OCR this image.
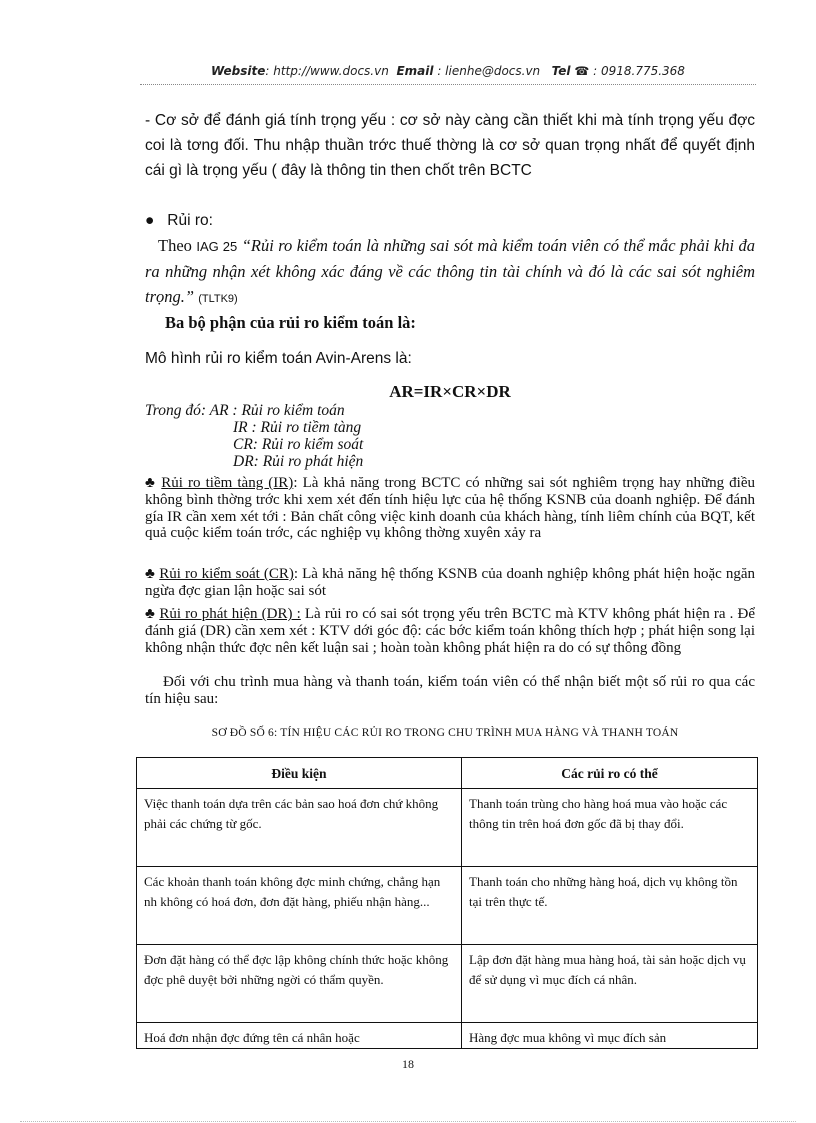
Website: http://www.docs.vn Email : lienhe@docs.vn Tel ☎ : 0918.775.368
- Cơ sở để đánh giá tính trọng yếu : cơ sở này càng cần thiết khi mà tính trọng yếu đợc coi là tơng đối. Thu nhập thuần trớc thuế thờng là cơ sở quan trọng nhất để quyết định cái gì là trọng yếu ( đây là thông tin then chốt trên BCTC
● Rủi ro:
Theo IAG 25 “Rủi ro kiểm toán là những sai sót mà kiểm toán viên có thể mắc phải khi đa ra những nhận xét không xác đáng về các thông tin tài chính và đó là các sai sót nghiêm trọng.” (TLTK9)
Ba bộ phận của rủi ro kiểm toán là:
Mô hình rủi ro kiểm toán Avin-Arens là:
AR=IR×CR×DR
Trong đó: AR : Rủi ro kiểm toán
IR : Rủi ro tiềm tàng
CR: Rủi ro kiểm soát
DR: Rủi ro phát hiện
♣ Rủi ro tiềm tàng (IR): Là khả năng trong BCTC có những sai sót nghiêm trọng hay những điều không bình thờng trớc khi xem xét đến tính hiệu lực của hệ thống KSNB của doanh nghiệp. Để đánh gía IR cần xem xét tới : Bản chất công việc kinh doanh của khách hàng, tính liêm chính của BQT, kết quả cuộc kiểm toán trớc, các nghiệp vụ không thờng xuyên xảy ra
♣ Rủi ro kiểm soát (CR): Là khả năng hệ thống KSNB của doanh nghiệp không phát hiện hoặc ngăn ngừa đợc gian lận hoặc sai sót
♣ Rủi ro phát hiện (DR) : Là rủi ro có sai sót trọng yếu trên BCTC mà KTV không phát hiện ra . Để đánh giá (DR) cần xem xét : KTV dới góc độ: các bớc kiểm toán không thích hợp ; phát hiện song lại không nhận thức đợc nên kết luận sai ; hoàn toàn không phát hiện ra do có sự thông đồng
Đối với chu trình mua hàng và thanh toán, kiểm toán viên có thể nhận biết một số rủi ro qua các tín hiệu sau:
SƠ ĐỒ SỐ 6: TÍN HIỆU CÁC RỦI RO TRONG CHU TRÌNH MUA HÀNG VÀ THANH TOÁN
Điều kiện	Các rủi ro có thể
Việc thanh toán dựa trên các bản sao hoá đơn chứ không phải các chứng từ gốc.	Thanh toán trùng cho hàng hoá mua vào hoặc các thông tin trên hoá đơn gốc đã bị thay đổi.
Các khoản thanh toán không đợc minh chứng, chẳng hạn nh không có hoá đơn, đơn đặt hàng, phiếu nhận hàng...	Thanh toán cho những hàng hoá, dịch vụ không tồn tại trên thực tế.
Đơn đặt hàng có thể đợc lập không chính thức hoặc không đợc phê duyệt bởi những ngời có thẩm quyền.	Lập đơn đặt hàng mua hàng hoá, tài sản hoặc dịch vụ để sử dụng vì mục đích cá nhân.
Hoá đơn nhận đợc đứng tên cá nhân hoặc	Hàng đợc mua không vì mục đích sản
18
